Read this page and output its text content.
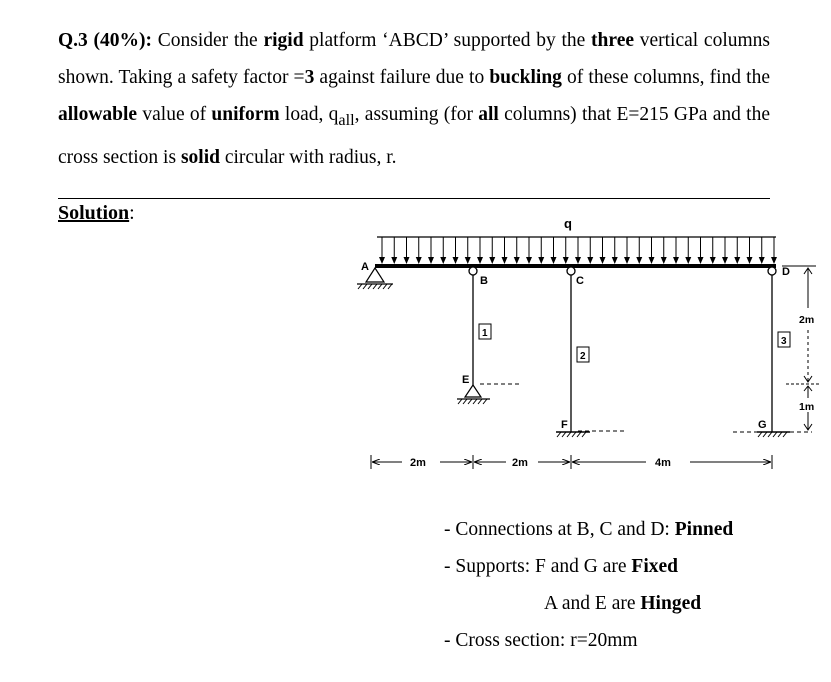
Q.3 (40%): Consider the rigid platform ‘ABCD’ supported by the three vertical columns shown. Taking a safety factor =3 against failure due to buckling of these columns, find the allowable value of uniform load, $q_{all}$, assuming (for all columns) that E=215 GPa and the cross section is solid circular with radius, r.

Solution:	q
A
B
1
E
C
2
F
D
3
G
2m
1m
2m	2m	4m
- Connections at B, C and D: Pinned
- Supports: F and G are Fixed
A and E are Hinged
- Cross section: r=20mm
